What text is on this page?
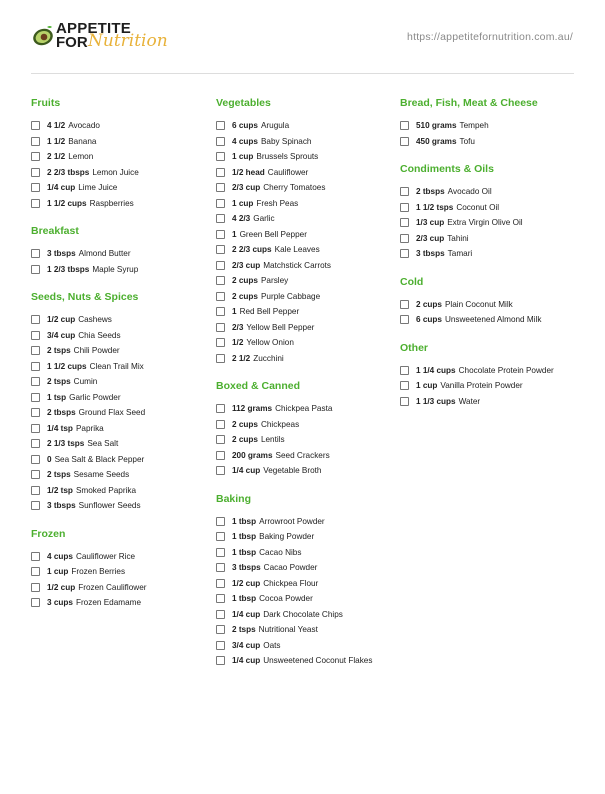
APPETITE
FOR Nutrition	https://appetitefornutrition.com.au/
Fruits
4 1/2 Avocado
1 1/2 Banana
2 1/2 Lemon
2 2/3 tbsps Lemon Juice
1/4 cup Lime Juice
1 1/2 cups Raspberries
Breakfast
3 tbsps Almond Butter
1 2/3 tbsps Maple Syrup
Seeds, Nuts & Spices
1/2 cup Cashews
3/4 cup Chia Seeds
2 tsps Chili Powder
1 1/2 cups Clean Trail Mix
2 tsps Cumin
1 tsp Garlic Powder
2 tbsps Ground Flax Seed
1/4 tsp Paprika
2 1/3 tsps Sea Salt
0 Sea Salt & Black Pepper
2 tsps Sesame Seeds
1/2 tsp Smoked Paprika
3 tbsps Sunflower Seeds
Frozen
4 cups Cauliflower Rice
1 cup Frozen Berries
1/2 cup Frozen Cauliflower
3 cups Frozen Edamame
Vegetables
6 cups Arugula
4 cups Baby Spinach
1 cup Brussels Sprouts
1/2 head Cauliflower
2/3 cup Cherry Tomatoes
1 cup Fresh Peas
4 2/3 Garlic
1 Green Bell Pepper
2 2/3 cups Kale Leaves
2/3 cup Matchstick Carrots
2 cups Parsley
2 cups Purple Cabbage
1 Red Bell Pepper
2/3 Yellow Bell Pepper
1/2 Yellow Onion
2 1/2 Zucchini
Boxed & Canned
112 grams Chickpea Pasta
2 cups Chickpeas
2 cups Lentils
200 grams Seed Crackers
1/4 cup Vegetable Broth
Baking
1 tbsp Arrowroot Powder
1 tbsp Baking Powder
1 tbsp Cacao Nibs
3 tbsps Cacao Powder
1/2 cup Chickpea Flour
1 tbsp Cocoa Powder
1/4 cup Dark Chocolate Chips
2 tsps Nutritional Yeast
3/4 cup Oats
1/4 cup Unsweetened Coconut Flakes
Bread, Fish, Meat & Cheese
510 grams Tempeh
450 grams Tofu
Condiments & Oils
2 tbsps Avocado Oil
1 1/2 tsps Coconut Oil
1/3 cup Extra Virgin Olive Oil
2/3 cup Tahini
3 tbsps Tamari
Cold
2 cups Plain Coconut Milk
6 cups Unsweetened Almond Milk
Other
1 1/4 cups Chocolate Protein Powder
1 cup Vanilla Protein Powder
1 1/3 cups Water
